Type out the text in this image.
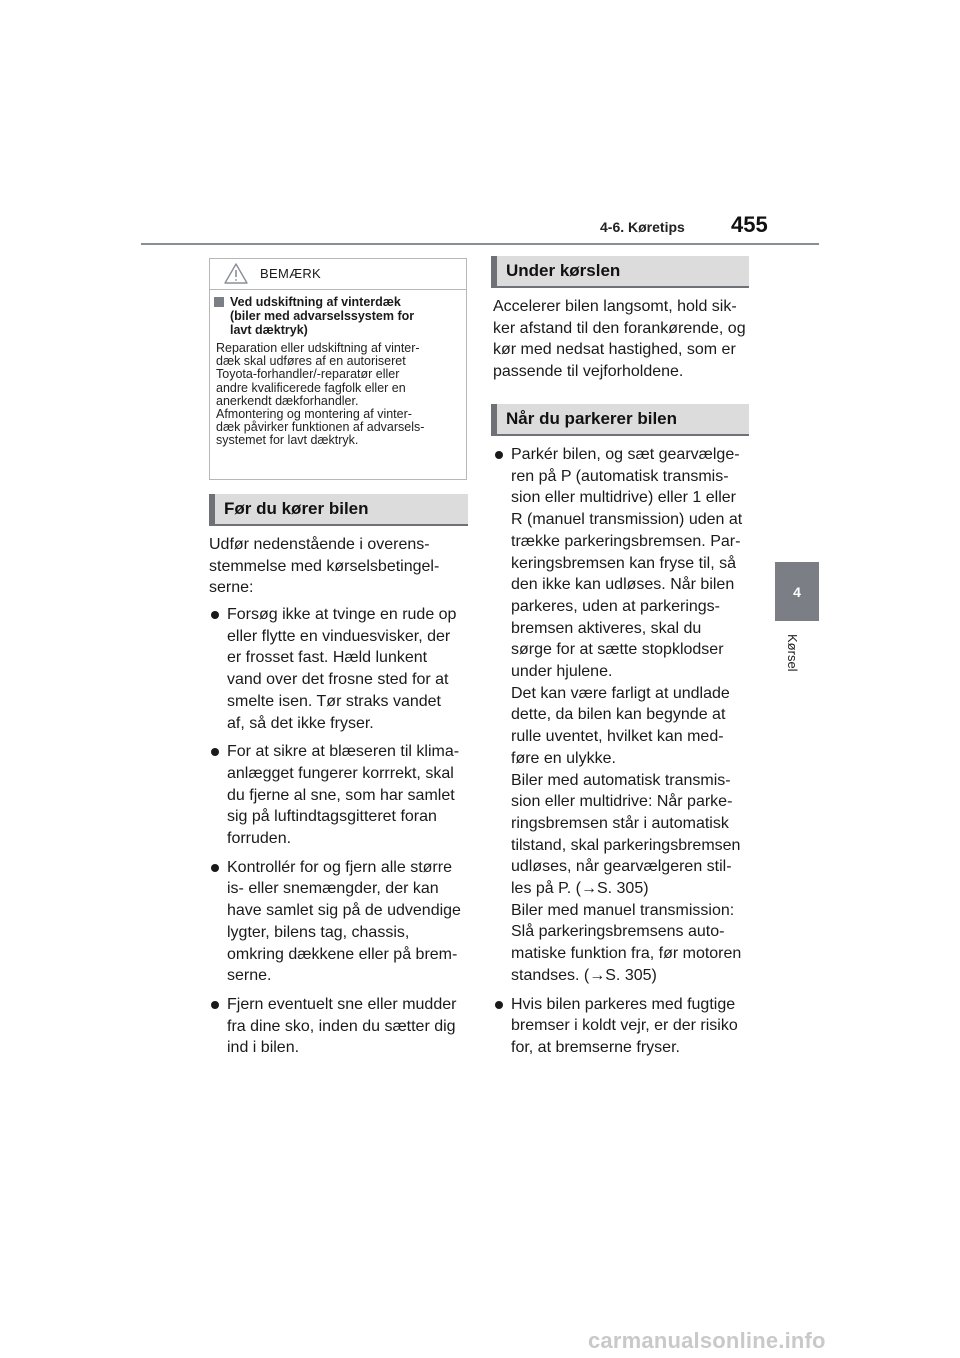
4-6. Køretips 455
4
Kørsel
BEMÆRK
Ved udskiftning af vinterdæk
(biler med advarselssystem for
lavt dæktryk)
Reparation eller udskiftning af vinter-
dæk skal udføres af en autoriseret
Toyota-forhandler/-reparatør eller
andre kvalificerede fagfolk eller en
anerkendt dækforhandler.
Afmontering og montering af vinter-
dæk påvirker funktionen af advarsels-
systemet for lavt dæktryk.
Før du kører bilen
Udfør nedenstående i overens-
stemmelse med kørselsbetingel-
serne:
Forsøg ikke at tvinge en rude op
eller flytte en vinduesvisker, der
er frosset fast. Hæld lunkent
vand over det frosne sted for at
smelte isen. Tør straks vandet
af, så det ikke fryser.
For at sikre at blæseren til klima-
anlægget fungerer korrrekt, skal
du fjerne al sne, som har samlet
sig på luftindtagsgitteret foran
forruden.
Kontrollér for og fjern alle større
is- eller snemængder, der kan
have samlet sig på de udvendige
lygter, bilens tag, chassis,
omkring dækkene eller på brem-
serne.
Fjern eventuelt sne eller mudder
fra dine sko, inden du sætter dig
ind i bilen.
Under kørslen
Accelerer bilen langsomt, hold sik-
ker afstand til den forankørende, og
kør med nedsat hastighed, som er
passende til vejforholdene.
Når du parkerer bilen
Parkér bilen, og sæt gearvælge-
ren på P (automatisk transmis-
sion eller multidrive) eller 1 eller
R (manuel transmission) uden at
trække parkeringsbremsen. Par-
keringsbremsen kan fryse til, så
den ikke kan udløses. Når bilen
parkeres, uden at parkerings-
bremsen aktiveres, skal du
sørge for at sætte stopklodser
under hjulene.
Det kan være farligt at undlade
dette, da bilen kan begynde at
rulle uventet, hvilket kan med-
føre en ulykke.
Biler med automatisk transmis-
sion eller multidrive: Når parke-
ringsbremsen står i automatisk
tilstand, skal parkeringsbremsen
udløses, når gearvælgeren stil-
les på P. (→S. 305)
Biler med manuel transmission:
Slå parkeringsbremsens auto-
matiske funktion fra, før motoren
standses. (→S. 305)
Hvis bilen parkeres med fugtige
bremser i koldt vejr, er der risiko
for, at bremserne fryser.
carmanualsonline.info
